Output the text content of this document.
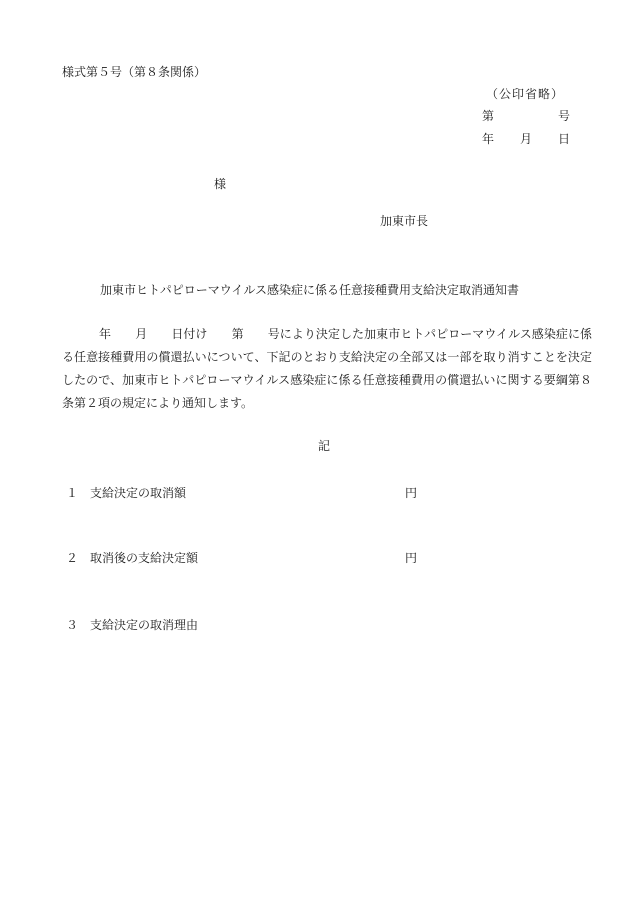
様式第５号（第８条関係）
（公印省略）
第	号
年 月 日
様
加東市長
加東市ヒトパピローマウイルス感染症に係る任意接種費用支給決定取消通知書
年　　月　　日付け　　第　　号により決定した加東市ヒトパピローマウイルス感染症に係る任意接種費用の償還払いについて、下記のとおり支給決定の全部又は一部を取り消すことを決定したので、加東市ヒトパピローマウイルス感染症に係る任意接種費用の償還払いに関する要綱第８条第２項の規定により通知します。
記
１ 支給決定の取消額	円
２ 取消後の支給決定額	円
３ 支給決定の取消理由
